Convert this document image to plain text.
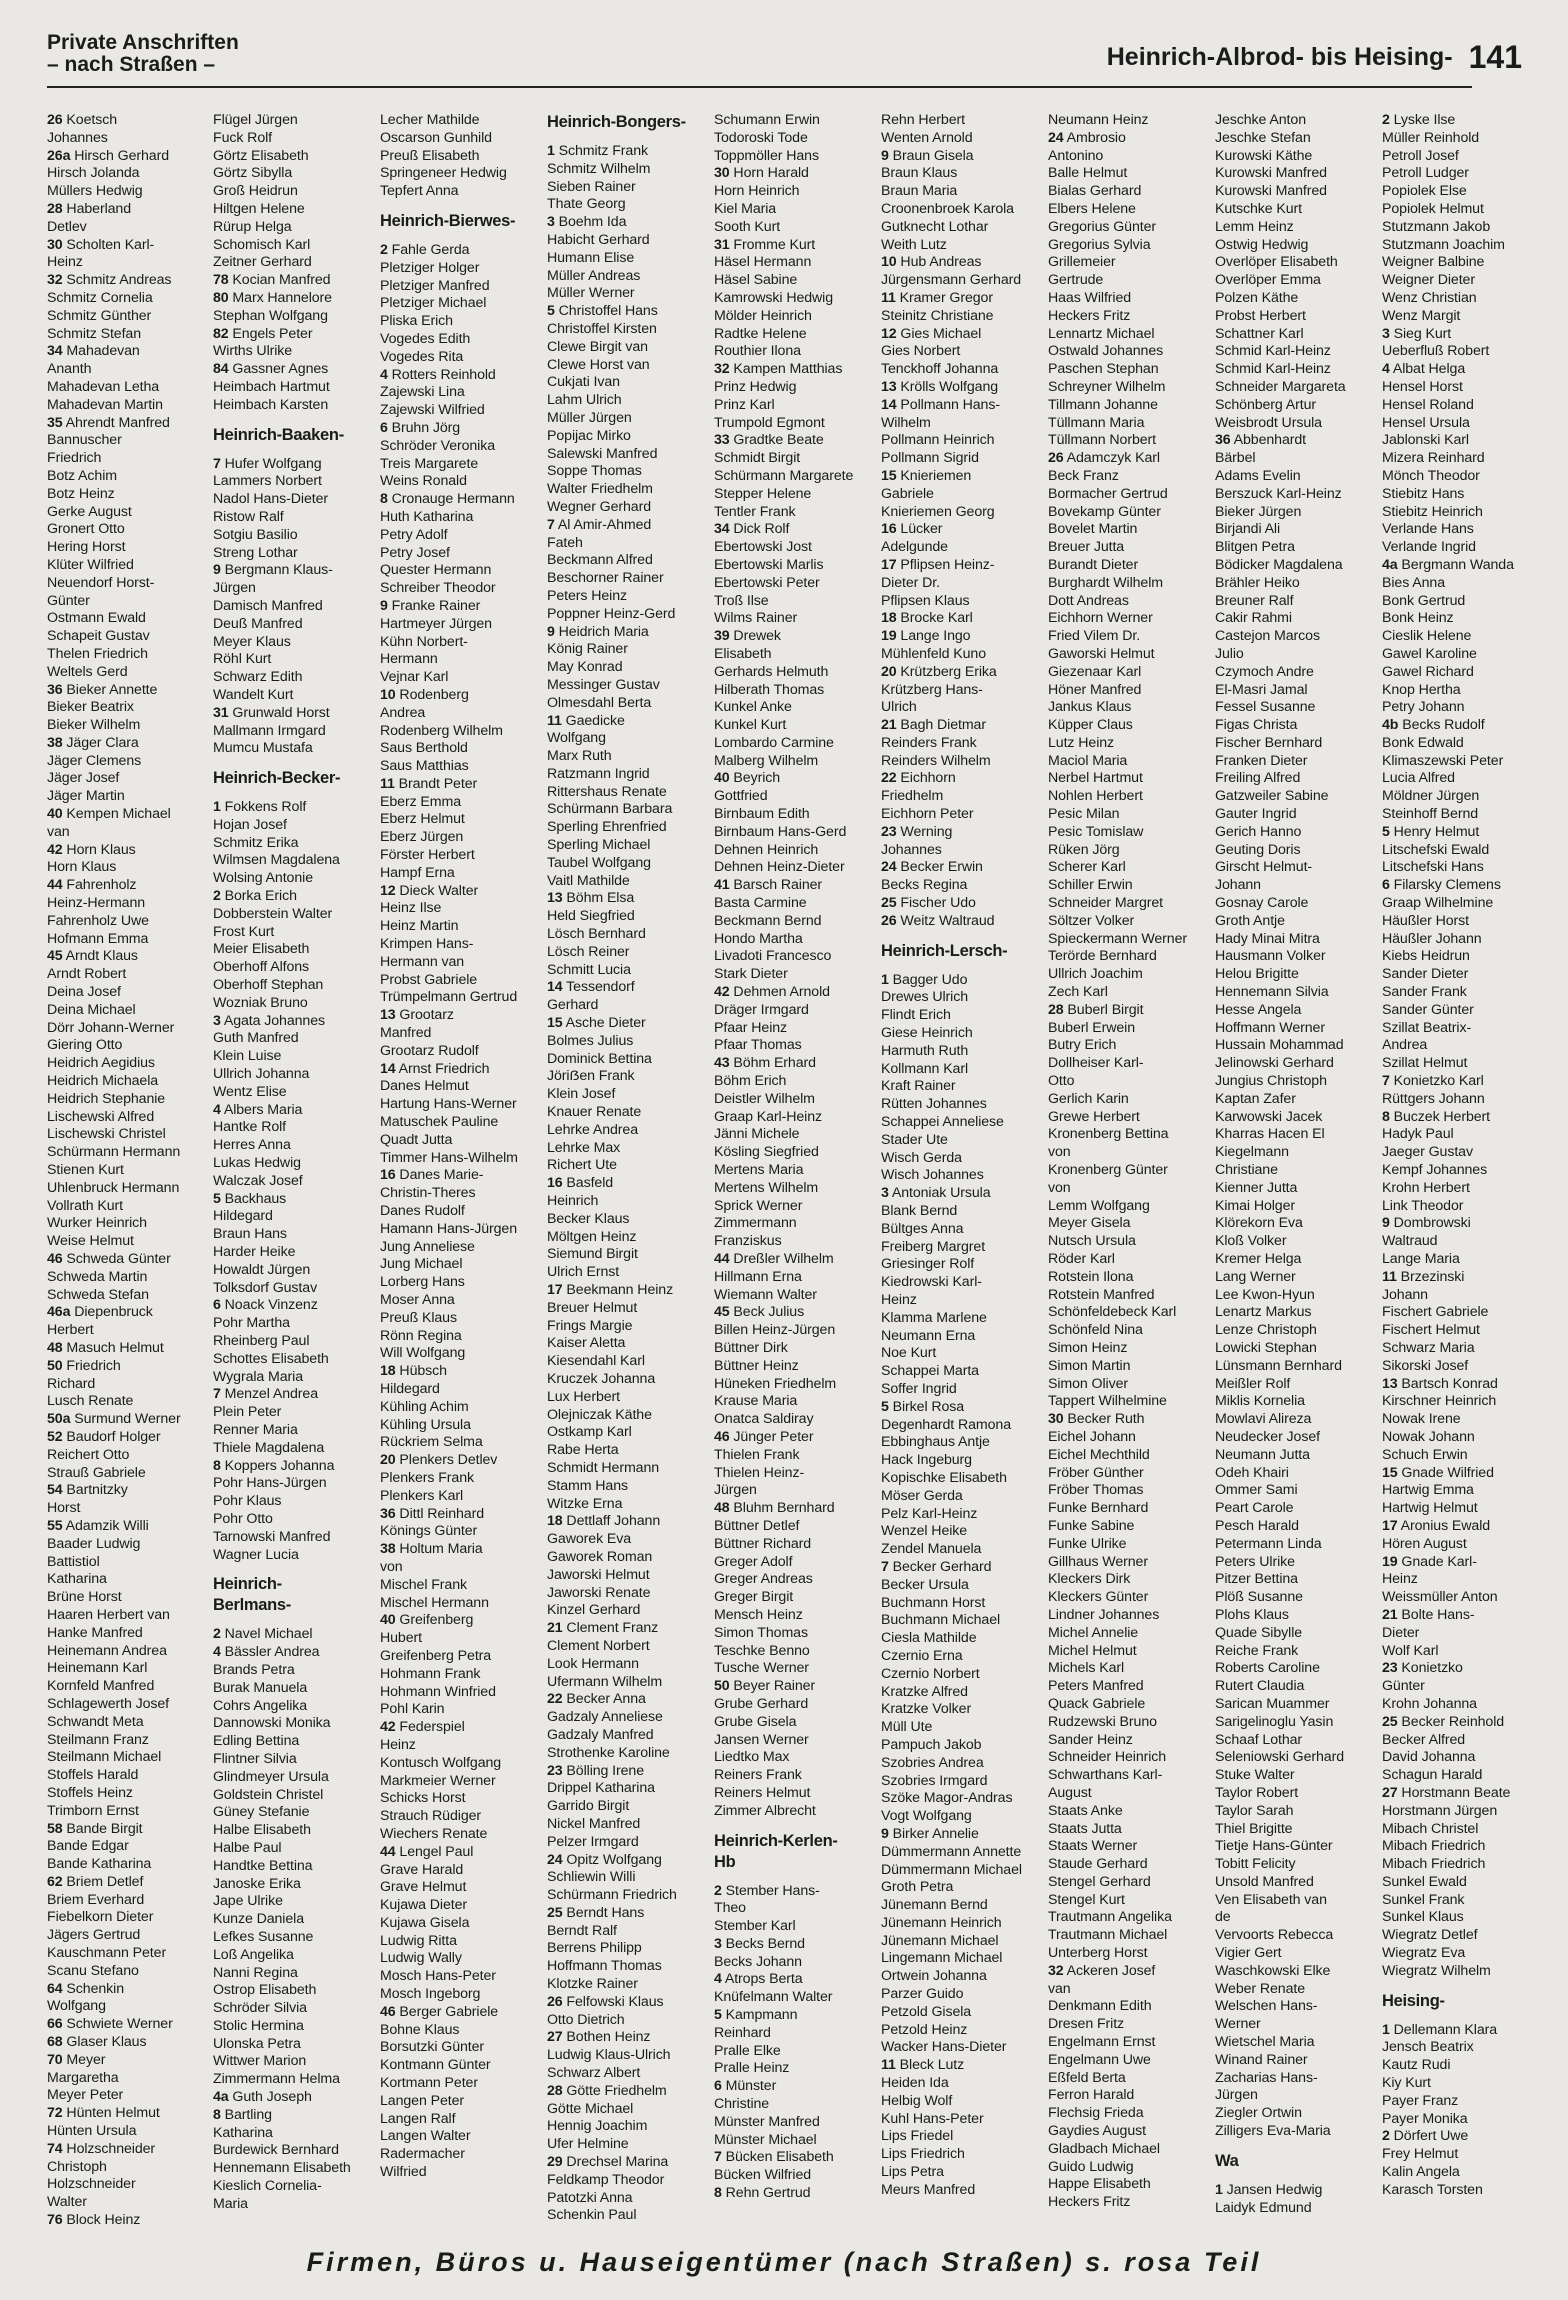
Private Anschriften
– nach Straßen –	Heinrich-Albrod- bis Heising- 141
26 Koetsch
Johannes
26a Hirsch Gerhard
Hirsch Jolanda
Müllers Hedwig
28 Haberland
Detlev
30 Scholten Karl-
Heinz
32 Schmitz Andreas
Schmitz Cornelia
Schmitz Günther
Schmitz Stefan
34 Mahadevan
Ananth
Mahadevan Letha
Mahadevan Martin
35 Ahrendt Manfred
Bannuscher
Friedrich
Botz Achim
Botz Heinz
Gerke August
Gronert Otto
Hering Horst
Klüter Wilfried
Neuendorf Horst-
Günter
Ostmann Ewald
Schapeit Gustav
Thelen Friedrich
Weltels Gerd
36 Bieker Annette
Bieker Beatrix
Bieker Wilhelm
38 Jäger Clara
Jäger Clemens
Jäger Josef
Jäger Martin
40 Kempen Michael
van
42 Horn Klaus
Horn Klaus
44 Fahrenholz
Heinz-Hermann
Fahrenholz Uwe
Hofmann Emma
45 Arndt Klaus
Arndt Robert
Deina Josef
Deina Michael
Dörr Johann-Werner
Giering Otto
Heidrich Aegidius
Heidrich Michaela
Heidrich Stephanie
Lischewski Alfred
Lischewski Christel
Schürmann Hermann
Stienen Kurt
Uhlenbruck Hermann
Vollrath Kurt
Wurker Heinrich
Weise Helmut
46 Schweda Günter
Schweda Martin
Schweda Stefan
46a Diepenbruck
Herbert
48 Masuch Helmut
50 Friedrich
Richard
Lusch Renate
50a Surmund Werner
52 Baudorf Holger
Reichert Otto
Strauß Gabriele
54 Bartnitzky
Horst
55 Adamzik Willi
Baader Ludwig
Battistiol
Katharina
Brüne Horst
Haaren Herbert van
Hanke Manfred
Heinemann Andrea
Heinemann Karl
Kornfeld Manfred
Schlagewerth Josef
Schwandt Meta
Steilmann Franz
Steilmann Michael
Stoffels Harald
Stoffels Heinz
Trimborn Ernst
58 Bande Birgit
Bande Edgar
Bande Katharina
62 Briem Detlef
Briem Everhard
Fiebelkorn Dieter
Jägers Gertrud
Kauschmann Peter
Scanu Stefano
64 Schenkin
Wolfgang
66 Schwiete Werner
68 Glaser Klaus
70 Meyer
Margaretha
Meyer Peter
72 Hünten Helmut
Hünten Ursula
74 Holzschneider
Christoph
Holzschneider
Walter
76 Block Heinz
Flügel Jürgen
Fuck Rolf
Görtz Elisabeth
Görtz Sibylla
Groß Heidrun
Hiltgen Helene
Rürup Helga
Schomisch Karl
Zeitner Gerhard
78 Kocian Manfred
80 Marx Hannelore
Stephan Wolfgang
82 Engels Peter
Wirths Ulrike
84 Gassner Agnes
Heimbach Hartmut
Heimbach Karsten
Heinrich-Baaken-
7 Hufer Wolfgang
Lammers Norbert
Nadol Hans-Dieter
Ristow Ralf
Sotgiu Basilio
Streng Lothar
9 Bergmann Klaus-
Jürgen
Damisch Manfred
Deuß Manfred
Meyer Klaus
Röhl Kurt
Schwarz Edith
Wandelt Kurt
31 Grunwald Horst
Mallmann Irmgard
Mumcu Mustafa
Heinrich-Becker-
1 Fokkens Rolf
Hojan Josef
Schmitz Erika
Wilmsen Magdalena
Wolsing Antonie
2 Borka Erich
Dobberstein Walter
Frost Kurt
Meier Elisabeth
Oberhoff Alfons
Oberhoff Stephan
Wozniak Bruno
3 Agata Johannes
Guth Manfred
Klein Luise
Ullrich Johanna
Wentz Elise
4 Albers Maria
Hantke Rolf
Herres Anna
Lukas Hedwig
Walczak Josef
5 Backhaus
Hildegard
Braun Hans
Harder Heike
Howaldt Jürgen
Tolksdorf Gustav
6 Noack Vinzenz
Pohr Martha
Rheinberg Paul
Schottes Elisabeth
Wygrala Maria
7 Menzel Andrea
Plein Peter
Renner Maria
Thiele Magdalena
8 Koppers Johanna
Pohr Hans-Jürgen
Pohr Klaus
Pohr Otto
Tarnowski Manfred
Wagner Lucia
Heinrich-
Berlmans-
2 Navel Michael
4 Bässler Andrea
Brands Petra
Burak Manuela
Cohrs Angelika
Dannowski Monika
Edling Bettina
Flintner Silvia
Glindmeyer Ursula
Goldstein Christel
Güney Stefanie
Halbe Elisabeth
Halbe Paul
Handtke Bettina
Janoske Erika
Jape Ulrike
Kunze Daniela
Lefkes Susanne
Loß Angelika
Nanni Regina
Ostrop Elisabeth
Schröder Silvia
Stolic Hermina
Ulonska Petra
Wittwer Marion
Zimmermann Helma
4a Guth Joseph
8 Bartling
Katharina
Burdewick Bernhard
Hennemann Elisabeth
Kieslich Cornelia-
Maria
Lecher Mathilde
Oscarson Gunhild
Preuß Elisabeth
Springeneer Hedwig
Tepfert Anna
Heinrich-Bierwes-
2 Fahle Gerda
Pletziger Holger
Pletziger Manfred
Pletziger Michael
Pliska Erich
Vogedes Edith
Vogedes Rita
4 Rotters Reinhold
Zajewski Lina
Zajewski Wilfried
6 Bruhn Jörg
Schröder Veronika
Treis Margarete
Weins Ronald
8 Cronauge Hermann
Huth Katharina
Petry Adolf
Petry Josef
Quester Hermann
Schreiber Theodor
9 Franke Rainer
Hartmeyer Jürgen
Kühn Norbert-
Hermann
Vejnar Karl
10 Rodenberg
Andrea
Rodenberg Wilhelm
Saus Berthold
Saus Matthias
11 Brandt Peter
Eberz Emma
Eberz Helmut
Eberz Jürgen
Förster Herbert
Hampf Erna
12 Dieck Walter
Heinz Ilse
Heinz Martin
Krimpen Hans-
Hermann van
Probst Gabriele
Trümpelmann Gertrud
13 Grootarz
Manfred
Grootarz Rudolf
14 Arnst Friedrich
Danes Helmut
Hartung Hans-Werner
Matuschek Pauline
Quadt Jutta
Timmer Hans-Wilhelm
16 Danes Marie-
Christin-Theres
Danes Rudolf
Hamann Hans-Jürgen
Jung Anneliese
Jung Michael
Lorberg Hans
Moser Anna
Preuß Klaus
Rönn Regina
Will Wolfgang
18 Hübsch
Hildegard
Kühling Achim
Kühling Ursula
Rückriem Selma
20 Plenkers Detlev
Plenkers Frank
Plenkers Karl
36 Dittl Reinhard
Könings Günter
38 Holtum Maria
von
Mischel Frank
Mischel Hermann
40 Greifenberg
Hubert
Greifenberg Petra
Hohmann Frank
Hohmann Winfried
Pohl Karin
42 Federspiel
Heinz
Kontusch Wolfgang
Markmeier Werner
Schicks Horst
Strauch Rüdiger
Wiechers Renate
44 Lengel Paul
Grave Harald
Grave Helmut
Kujawa Dieter
Kujawa Gisela
Ludwig Ritta
Ludwig Wally
Mosch Hans-Peter
Mosch Ingeborg
46 Berger Gabriele
Bohne Klaus
Borsutzki Günter
Kontmann Günter
Kortmann Peter
Langen Peter
Langen Ralf
Langen Walter
Radermacher
Wilfried
Heinrich-Bongers-
1 Schmitz Frank
Schmitz Wilhelm
Sieben Rainer
Thate Georg
3 Boehm Ida
Habicht Gerhard
Humann Elise
Müller Andreas
Müller Werner
5 Christoffel Hans
Christoffel Kirsten
Clewe Birgit van
Clewe Horst van
Cukjati Ivan
Lahm Ulrich
Müller Jürgen
Popijac Mirko
Salewski Manfred
Soppe Thomas
Walter Friedhelm
Wegner Gerhard
7 Al Amir-Ahmed
Fateh
Beckmann Alfred
Beschorner Rainer
Peters Heinz
Poppner Heinz-Gerd
9 Heidrich Maria
König Rainer
May Konrad
Messinger Gustav
Olmesdahl Berta
11 Gaedicke
Wolfgang
Marx Ruth
Ratzmann Ingrid
Rittershaus Renate
Schürmann Barbara
Sperling Ehrenfried
Sperling Michael
Taubel Wolfgang
Vaitl Mathilde
13 Böhm Elsa
Held Siegfried
Lösch Bernhard
Lösch Reiner
Schmitt Lucia
14 Tessendorf
Gerhard
15 Asche Dieter
Bolmes Julius
Dominick Bettina
Jöriẞen Frank
Klein Josef
Knauer Renate
Lehrke Andrea
Lehrke Max
Richert Ute
16 Basfeld
Heinrich
Becker Klaus
Möltgen Heinz
Siemund Birgit
Ulrich Ernst
17 Beekmann Heinz
Breuer Helmut
Frings Margie
Kaiser Aletta
Kiesendahl Karl
Kruczek Johanna
Lux Herbert
Olejniczak Käthe
Ostkamp Karl
Rabe Herta
Schmidt Hermann
Stamm Hans
Witzke Erna
18 Dettlaff Johann
Gaworek Eva
Gaworek Roman
Jaworski Helmut
Jaworski Renate
Kinzel Gerhard
21 Clement Franz
Clement Norbert
Look Hermann
Ufermann Wilhelm
22 Becker Anna
Gadzaly Anneliese
Gadzaly Manfred
Strothenke Karoline
23 Bölling Irene
Drippel Katharina
Garrido Birgit
Nickel Manfred
Pelzer Irmgard
24 Opitz Wolfgang
Schliewin Willi
Schürmann Friedrich
25 Berndt Hans
Berndt Ralf
Berrens Philipp
Hoffmann Thomas
Klotzke Rainer
26 Felfowski Klaus
Otto Dietrich
27 Bothen Heinz
Ludwig Klaus-Ulrich
Schwarz Albert
28 Götte Friedhelm
Götte Michael
Hennig Joachim
Ufer Helmine
29 Drechsel Marina
Feldkamp Theodor
Patotzki Anna
Schenkin Paul
Schumann Erwin
Todoroski Tode
Toppmöller Hans
30 Horn Harald
Horn Heinrich
Kiel Maria
Sooth Kurt
31 Fromme Kurt
Häsel Hermann
Häsel Sabine
Kamrowski Hedwig
Mölder Heinrich
Radtke Helene
Routhier Ilona
32 Kampen Matthias
Prinz Hedwig
Prinz Karl
Trumpold Egmont
33 Gradtke Beate
Schmidt Birgit
Schürmann Margarete
Stepper Helene
Tentler Frank
34 Dick Rolf
Ebertowski Jost
Ebertowski Marlis
Ebertowski Peter
Troß Ilse
Wilms Rainer
39 Drewek
Elisabeth
Gerhards Helmuth
Hilberath Thomas
Kunkel Anke
Kunkel Kurt
Lombardo Carmine
Malberg Wilhelm
40 Beyrich
Gottfried
Birnbaum Edith
Birnbaum Hans-Gerd
Dehnen Heinrich
Dehnen Heinz-Dieter
41 Barsch Rainer
Basta Carmine
Beckmann Bernd
Hondo Martha
Livadoti Francesco
Stark Dieter
42 Dehmen Arnold
Dräger Irmgard
Pfaar Heinz
Pfaar Thomas
43 Böhm Erhard
Böhm Erich
Deistler Wilhelm
Graap Karl-Heinz
Jänni Michele
Kösling Siegfried
Mertens Maria
Mertens Wilhelm
Sprick Werner
Zimmermann
Franziskus
44 Dreßler Wilhelm
Hillmann Erna
Wiemann Walter
45 Beck Julius
Billen Heinz-Jürgen
Büttner Dirk
Büttner Heinz
Hüneken Friedhelm
Krause Maria
Onatca Saldiray
46 Jünger Peter
Thielen Frank
Thielen Heinz-
Jürgen
48 Bluhm Bernhard
Büttner Detlef
Büttner Richard
Greger Adolf
Greger Andreas
Greger Birgit
Mensch Heinz
Simon Thomas
Teschke Benno
Tusche Werner
50 Beyer Rainer
Grube Gerhard
Grube Gisela
Jansen Werner
Liedtko Max
Reiners Frank
Reiners Helmut
Zimmer Albrecht
Heinrich-Kerlen-
Hb
2 Stember Hans-
Theo
Stember Karl
3 Becks Bernd
Becks Johann
4 Atrops Berta
Knüfelmann Walter
5 Kampmann
Reinhard
Pralle Elke
Pralle Heinz
6 Münster
Christine
Münster Manfred
Münster Michael
7 Bücken Elisabeth
Bücken Wilfried
8 Rehn Gertrud
Rehn Herbert
Wenten Arnold
9 Braun Gisela
Braun Klaus
Braun Maria
Croonenbroek Karola
Gutknecht Lothar
Weith Lutz
10 Hub Andreas
Jürgensmann Gerhard
11 Kramer Gregor
Steinitz Christiane
12 Gies Michael
Gies Norbert
Tenckhoff Johanna
13 Krölls Wolfgang
14 Pollmann Hans-
Wilhelm
Pollmann Heinrich
Pollmann Sigrid
15 Knieriemen
Gabriele
Knieriemen Georg
16 Lücker
Adelgunde
17 Pflipsen Heinz-
Dieter Dr.
Pflipsen Klaus
18 Brocke Karl
19 Lange Ingo
Mühlenfeld Kuno
20 Krützberg Erika
Krützberg Hans-
Ulrich
21 Bagh Dietmar
Reinders Frank
Reinders Wilhelm
22 Eichhorn
Friedhelm
Eichhorn Peter
23 Werning
Johannes
24 Becker Erwin
Becks Regina
25 Fischer Udo
26 Weitz Waltraud
Heinrich-Lersch-
1 Bagger Udo
Drewes Ulrich
Flindt Erich
Giese Heinrich
Harmuth Ruth
Kollmann Karl
Kraft Rainer
Rütten Johannes
Schappei Anneliese
Stader Ute
Wisch Gerda
Wisch Johannes
3 Antoniak Ursula
Blank Bernd
Bültges Anna
Freiberg Margret
Griesinger Rolf
Kiedrowski Karl-
Heinz
Klamma Marlene
Neumann Erna
Noe Kurt
Schappei Marta
Soffer Ingrid
5 Birkel Rosa
Degenhardt Ramona
Ebbinghaus Antje
Hack Ingeburg
Kopischke Elisabeth
Möser Gerda
Pelz Karl-Heinz
Wenzel Heike
Zendel Manuela
7 Becker Gerhard
Becker Ursula
Buchmann Horst
Buchmann Michael
Ciesla Mathilde
Czernio Erna
Czernio Norbert
Kratzke Alfred
Kratzke Volker
Müll Ute
Pampuch Jakob
Szobries Andrea
Szobries Irmgard
Szöke Magor-Andras
Vogt Wolfgang
9 Birker Annelie
Dümmermann Annette
Dümmermann Michael
Groth Petra
Jünemann Bernd
Jünemann Heinrich
Jünemann Michael
Lingemann Michael
Ortwein Johanna
Parzer Guido
Petzold Gisela
Petzold Heinz
Wacker Hans-Dieter
11 Bleck Lutz
Heiden Ida
Helbig Wolf
Kuhl Hans-Peter
Lips Friedel
Lips Friedrich
Lips Petra
Meurs Manfred
Neumann Heinz
24 Ambrosio
Antonino
Balle Helmut
Bialas Gerhard
Elbers Helene
Gregorius Günter
Gregorius Sylvia
Grillemeier
Gertrude
Haas Wilfried
Heckers Fritz
Lennartz Michael
Ostwald Johannes
Paschen Stephan
Schreyner Wilhelm
Tillmann Johanne
Tüllmann Maria
Tüllmann Norbert
26 Adamczyk Karl
Beck Franz
Bormacher Gertrud
Bovekamp Günter
Bovelet Martin
Breuer Jutta
Burandt Dieter
Burghardt Wilhelm
Dott Andreas
Eichhorn Werner
Fried Vilem Dr.
Gaworski Helmut
Giezenaar Karl
Höner Manfred
Jankus Klaus
Küpper Claus
Lutz Heinz
Maciol Maria
Nerbel Hartmut
Nohlen Herbert
Pesic Milan
Pesic Tomislaw
Rüken Jörg
Scherer Karl
Schiller Erwin
Schneider Margret
Söltzer Volker
Spieckermann Werner
Terörde Bernhard
Ullrich Joachim
Zech Karl
28 Buberl Birgit
Buberl Erwein
Butry Erich
Dollheiser Karl-
Otto
Gerlich Karin
Grewe Herbert
Kronenberg Bettina
von
Kronenberg Günter
von
Lemm Wolfgang
Meyer Gisela
Nutsch Ursula
Röder Karl
Rotstein Ilona
Rotstein Manfred
Schönfeldebeck Karl
Schönfeld Nina
Simon Heinz
Simon Martin
Simon Oliver
Tappert Wilhelmine
30 Becker Ruth
Eichel Johann
Eichel Mechthild
Fröber Günther
Fröber Thomas
Funke Bernhard
Funke Sabine
Funke Ulrike
Gillhaus Werner
Kleckers Dirk
Kleckers Günter
Lindner Johannes
Michel Annelie
Michel Helmut
Michels Karl
Peters Manfred
Quack Gabriele
Rudzewski Bruno
Sander Heinz
Schneider Heinrich
Schwarthans Karl-
August
Staats Anke
Staats Jutta
Staats Werner
Staude Gerhard
Stengel Gerhard
Stengel Kurt
Trautmann Angelika
Trautmann Michael
Unterberg Horst
32 Ackeren Josef
van
Denkmann Edith
Dresen Fritz
Engelmann Ernst
Engelmann Uwe
Eßfeld Berta
Ferron Harald
Flechsig Frieda
Gaydies August
Gladbach Michael
Guido Ludwig
Happe Elisabeth
Heckers Fritz
Jeschke Anton
Jeschke Stefan
Kurowski Käthe
Kurowski Manfred
Kurowski Manfred
Kutschke Kurt
Lemm Heinz
Ostwig Hedwig
Overlöper Elisabeth
Overlöper Emma
Polzen Käthe
Probst Herbert
Schattner Karl
Schmid Karl-Heinz
Schmid Karl-Heinz
Schneider Margareta
Schönberg Artur
Weisbrodt Ursula
36 Abbenhardt
Bärbel
Adams Evelin
Berszuck Karl-Heinz
Bieker Jürgen
Birjandi Ali
Blitgen Petra
Bödicker Magdalena
Brähler Heiko
Breuner Ralf
Cakir Rahmi
Castejon Marcos
Julio
Czymoch Andre
El-Masri Jamal
Fessel Susanne
Figas Christa
Fischer Bernhard
Franken Dieter
Freiling Alfred
Gatzweiler Sabine
Gauter Ingrid
Gerich Hanno
Geuting Doris
Girscht Helmut-
Johann
Gosnay Carole
Groth Antje
Hady Minai Mitra
Hausmann Volker
Helou Brigitte
Hennemann Silvia
Hesse Angela
Hoffmann Werner
Hussain Mohammad
Jelinowski Gerhard
Jungius Christoph
Kaptan Zafer
Karwowski Jacek
Kharras Hacen El
Kiegelmann
Christiane
Kienner Jutta
Kimai Holger
Klörekorn Eva
Kloß Volker
Kremer Helga
Lang Werner
Lee Kwon-Hyun
Lenartz Markus
Lenze Christoph
Lowicki Stephan
Lünsmann Bernhard
Meißler Rolf
Miklis Kornelia
Mowlavi Alireza
Neudecker Josef
Neumann Jutta
Odeh Khairi
Ommer Sami
Peart Carole
Pesch Harald
Petermann Linda
Peters Ulrike
Pitzer Bettina
Plöß Susanne
Plohs Klaus
Quade Sibylle
Reiche Frank
Roberts Caroline
Rutert Claudia
Sarican Muammer
Sarigelinoglu Yasin
Schaaf Lothar
Seleniowski Gerhard
Stuke Walter
Taylor Robert
Taylor Sarah
Thiel Brigitte
Tietje Hans-Günter
Tobitt Felicity
Unsold Manfred
Ven Elisabeth van
de
Vervoorts Rebecca
Vigier Gert
Waschkowski Elke
Weber Renate
Welschen Hans-
Werner
Wietschel Maria
Winand Rainer
Zacharias Hans-
Jürgen
Ziegler Ortwin
Zilligers Eva-Maria
Wa
1 Jansen Hedwig
Laidyk Edmund
2 Lyske Ilse
Müller Reinhold
Petroll Josef
Petroll Ludger
Popiolek Else
Popiolek Helmut
Stutzmann Jakob
Stutzmann Joachim
Weigner Balbine
Weigner Dieter
Wenz Christian
Wenz Margit
3 Sieg Kurt
Ueberfluß Robert
4 Albat Helga
Hensel Horst
Hensel Roland
Hensel Ursula
Jablonski Karl
Mizera Reinhard
Mönch Theodor
Stiebitz Hans
Stiebitz Heinrich
Verlande Hans
Verlande Ingrid
4a Bergmann Wanda
Bies Anna
Bonk Gertrud
Bonk Heinz
Cieslik Helene
Gawel Karoline
Gawel Richard
Knop Hertha
Petry Johann
4b Becks Rudolf
Bonk Edwald
Klimaszewski Peter
Lucia Alfred
Möldner Jürgen
Steinhoff Bernd
5 Henry Helmut
Litschefski Ewald
Litschefski Hans
6 Filarsky Clemens
Graap Wilhelmine
Häußler Horst
Häußler Johann
Kiebs Heidrun
Sander Dieter
Sander Frank
Sander Günter
Szillat Beatrix-
Andrea
Szillat Helmut
7 Konietzko Karl
Rüttgers Johann
8 Buczek Herbert
Hadyk Paul
Jaeger Gustav
Kempf Johannes
Krohn Herbert
Link Theodor
9 Dombrowski
Waltraud
Lange Maria
11 Brzezinski
Johann
Fischert Gabriele
Fischert Helmut
Schwarz Maria
Sikorski Josef
13 Bartsch Konrad
Kirschner Heinrich
Nowak Irene
Nowak Johann
Schuch Erwin
15 Gnade Wilfried
Hartwig Emma
Hartwig Helmut
17 Aronius Ewald
Hören August
19 Gnade Karl-
Heinz
Weissmüller Anton
21 Bolte Hans-
Dieter
Wolf Karl
23 Konietzko
Günter
Krohn Johanna
25 Becker Reinhold
Becker Alfred
David Johanna
Schagun Harald
27 Horstmann Beate
Horstmann Jürgen
Mibach Christel
Mibach Friedrich
Mibach Friedrich
Sunkel Ewald
Sunkel Frank
Sunkel Klaus
Wiegratz Detlef
Wiegratz Eva
Wiegratz Wilhelm
Heising-
1 Dellemann Klara
Jensch Beatrix
Kautz Rudi
Kiy Kurt
Payer Franz
Payer Monika
2 Dörfert Uwe
Frey Helmut
Kalin Angela
Karasch Torsten
Firmen, Büros u. Hauseigentümer (nach Straßen) s. rosa Teil
